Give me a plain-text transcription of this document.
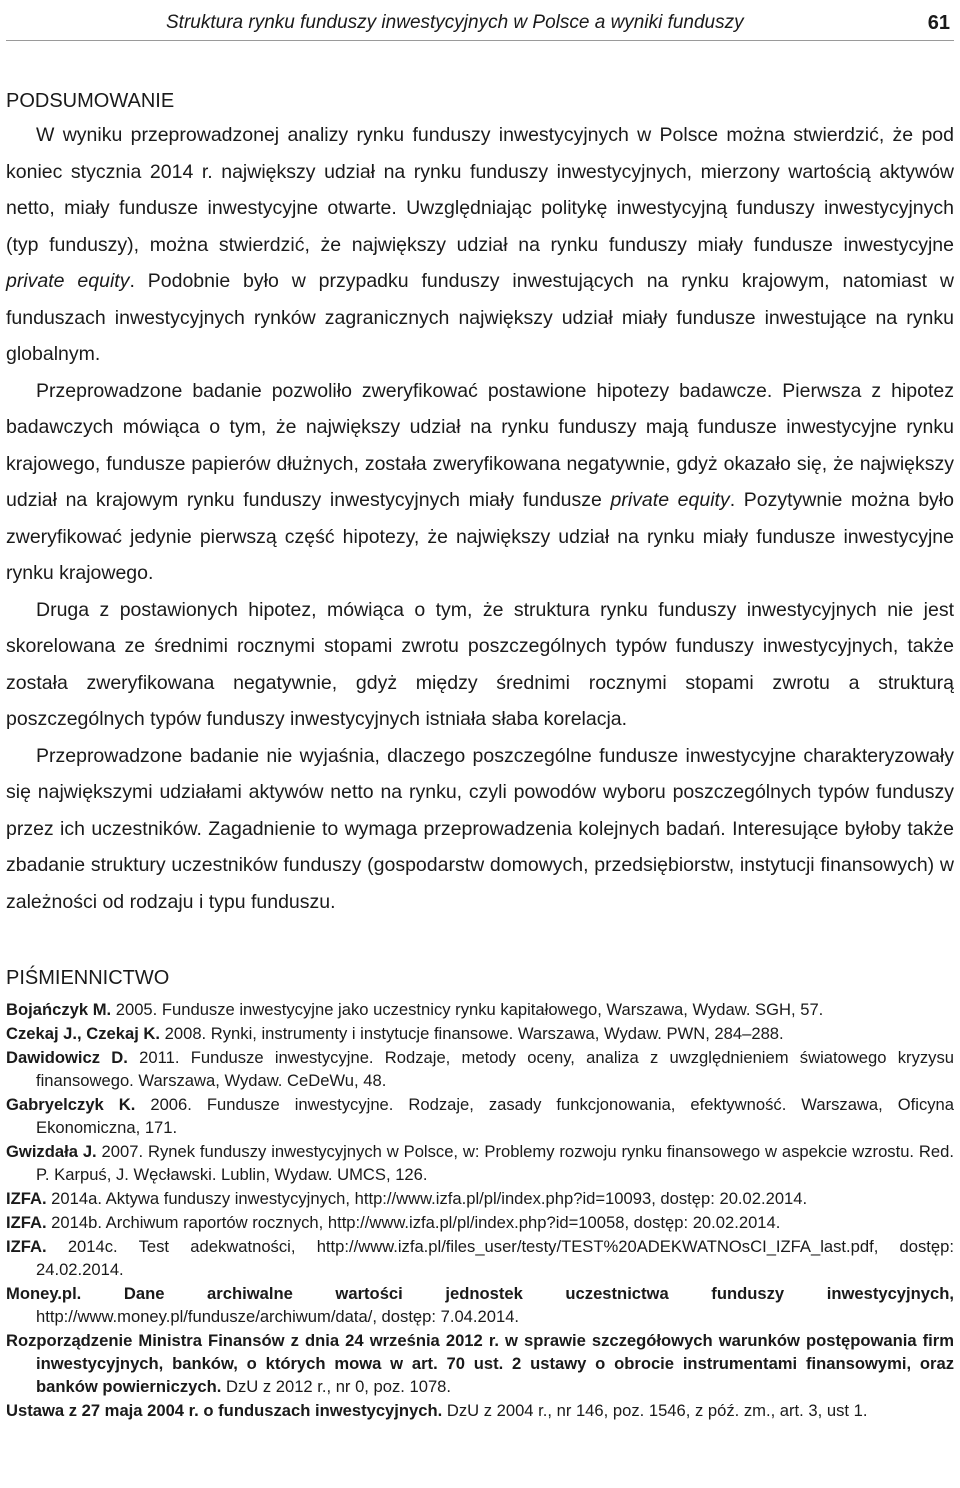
Struktura rynku funduszy inwestycyjnych w Polsce a wyniki funduszy	61
PODSUMOWANIE

W wyniku przeprowadzonej analizy rynku funduszy inwestycyjnych w Polsce można stwierdzić, że pod koniec stycznia 2014 r. największy udział na rynku funduszy inwestycyjnych, mierzony wartością aktywów netto, miały fundusze inwestycyjne otwarte. Uwzględniając politykę inwestycyjną funduszy inwestycyjnych (typ funduszy), można stwierdzić, że największy udział na rynku funduszy miały fundusze inwestycyjne private equity. Podobnie było w przypadku funduszy inwestujących na rynku krajowym, natomiast w funduszach inwestycyjnych rynków zagranicznych największy udział miały fundusze inwestujące na rynku globalnym.

Przeprowadzone badanie pozwoliło zweryfikować postawione hipotezy badawcze. Pierwsza z hipotez badawczych mówiąca o tym, że największy udział na rynku funduszy mają fundusze inwestycyjne rynku krajowego, fundusze papierów dłużnych, została zweryfikowana negatywnie, gdyż okazało się, że największy udział na krajowym rynku funduszy inwestycyjnych miały fundusze private equity. Pozytywnie można było zweryfikować jedynie pierwszą część hipotezy, że największy udział na rynku miały fundusze inwestycyjne rynku krajowego.

Druga z postawionych hipotez, mówiąca o tym, że struktura rynku funduszy inwestycyjnych nie jest skorelowana ze średnimi rocznymi stopami zwrotu poszczególnych typów funduszy inwestycyjnych, także została zweryfikowana negatywnie, gdyż między średnimi rocznymi stopami zwrotu a strukturą poszczególnych typów funduszy inwestycyjnych istniała słaba korelacja.

Przeprowadzone badanie nie wyjaśnia, dlaczego poszczególne fundusze inwestycyjne charakteryzowały się największymi udziałami aktywów netto na rynku, czyli powodów wyboru poszczególnych typów funduszy przez ich uczestników. Zagadnienie to wymaga przeprowadzenia kolejnych badań. Interesujące byłoby także zbadanie struktury uczestników funduszy (gospodarstw domowych, przedsiębiorstw, instytucji finansowych) w zależności od rodzaju i typu funduszu.

PIŚMIENNICTWO
Bojańczyk M. 2005. Fundusze inwestycyjne jako uczestnicy rynku kapitałowego, Warszawa, Wydaw. SGH, 57.
Czekaj J., Czekaj K. 2008. Rynki, instrumenty i instytucje finansowe. Warszawa, Wydaw. PWN, 284–288.
Dawidowicz D. 2011. Fundusze inwestycyjne. Rodzaje, metody oceny, analiza z uwzględnieniem światowego kryzysu finansowego. Warszawa, Wydaw. CeDeWu, 48.
Gabryelczyk K. 2006. Fundusze inwestycyjne. Rodzaje, zasady funkcjonowania, efektywność. Warszawa, Oficyna Ekonomiczna, 171.
Gwizdała J. 2007. Rynek funduszy inwestycyjnych w Polsce, w: Problemy rozwoju rynku finansowego w aspekcie wzrostu. Red. P. Karpuś, J. Węcławski. Lublin, Wydaw. UMCS, 126.
IZFA. 2014a. Aktywa funduszy inwestycyjnych, http://www.izfa.pl/pl/index.php?id=10093, dostęp: 20.02.2014.
IZFA. 2014b. Archiwum raportów rocznych, http://www.izfa.pl/pl/index.php?id=10058, dostęp: 20.02.2014.
IZFA. 2014c. Test adekwatności, http://www.izfa.pl/files_user/testy/TEST%20ADEKWATNOsCI_IZFA_last.pdf, dostęp: 24.02.2014.
Money.pl. Dane archiwalne wartości jednostek uczestnictwa funduszy inwestycyjnych, http://www.money.pl/fundusze/archiwum/data/, dostęp: 7.04.2014.
Rozporządzenie Ministra Finansów z dnia 24 września 2012 r. w sprawie szczegółowych warunków postępowania firm inwestycyjnych, banków, o których mowa w art. 70 ust. 2 ustawy o obrocie instrumentami finansowymi, oraz banków powierniczych. DzU z 2012 r., nr 0, poz. 1078.
Ustawa z 27 maja 2004 r. o funduszach inwestycyjnych. DzU z 2004 r., nr 146, poz. 1546, z póź. zm., art. 3, ust 1.
